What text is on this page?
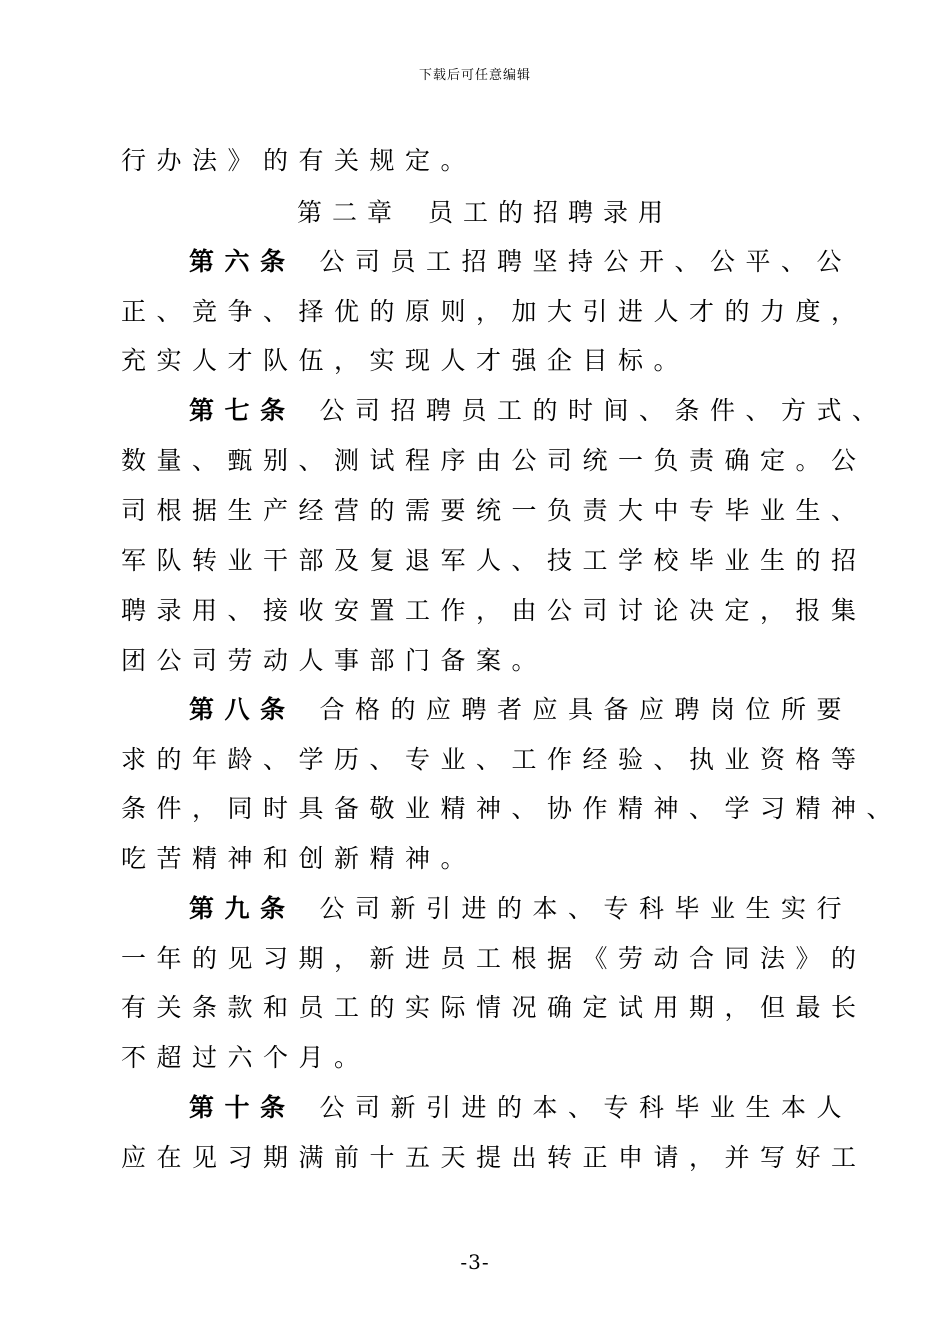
下载后可任意编辑
行办法》的有关规定。
第二章 员工的招聘录用
第六条 公司员工招聘坚持公开、公平、公
正、竞争、择优的原则，加大引进人才的力度，
充实人才队伍，实现人才强企目标。
第七条 公司招聘员工的时间、条件、方式、
数量、甄别、测试程序由公司统一负责确定。公
司根据生产经营的需要统一负责大中专毕业生、
军队转业干部及复退军人、技工学校毕业生的招
聘录用、接收安置工作，由公司讨论决定，报集
团公司劳动人事部门备案。
第八条 合格的应聘者应具备应聘岗位所要
求的年龄、学历、专业、工作经验、执业资格等
条件，同时具备敬业精神、协作精神、学习精神、
吃苦精神和创新精神。
第九条 公司新引进的本、专科毕业生实行
一年的见习期，新进员工根据《劳动合同法》的
有关条款和员工的实际情况确定试用期，但最长
不超过六个月。
第十条 公司新引进的本、专科毕业生本人
应在见习期满前十五天提出转正申请，并写好工
-3-
